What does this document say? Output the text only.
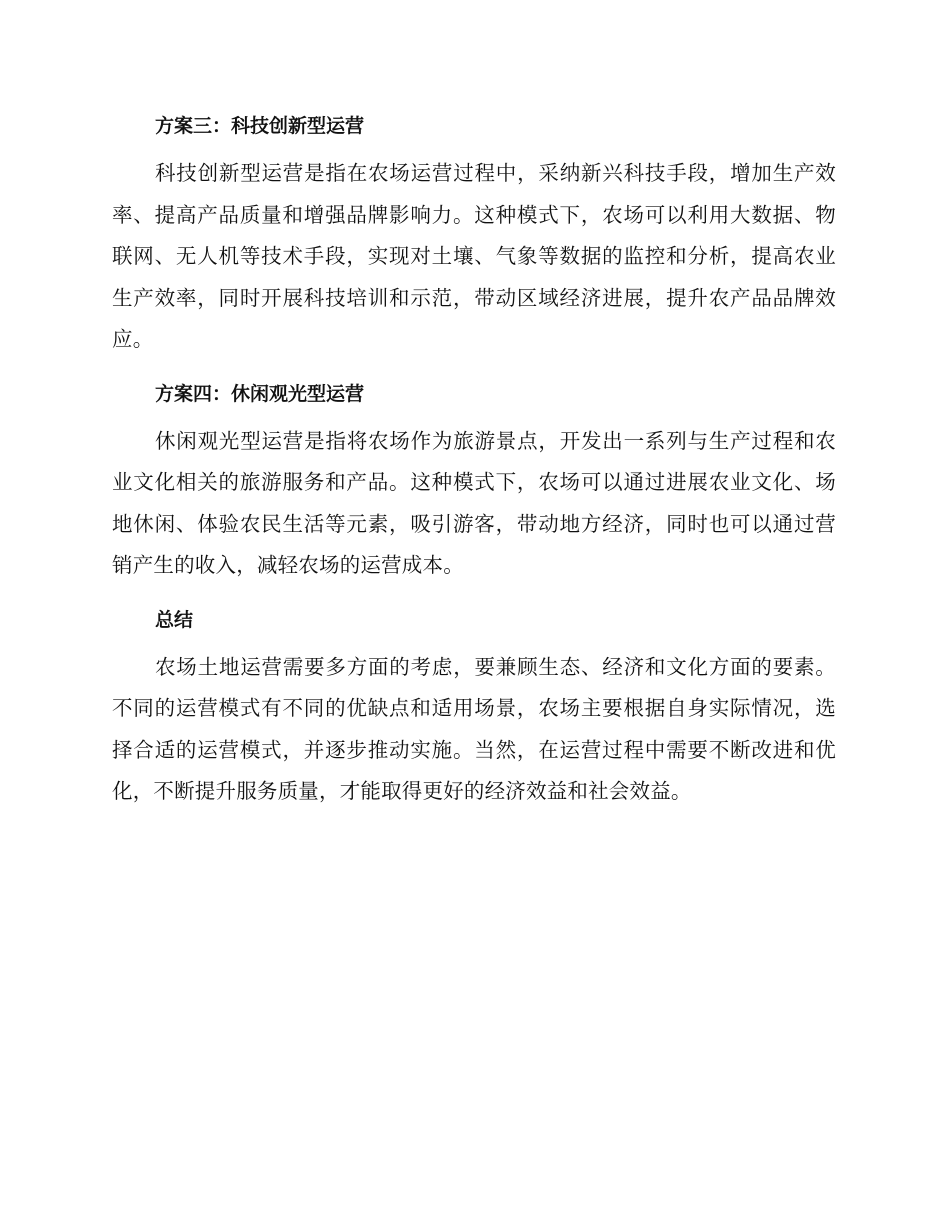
方案三：科技创新型运营

科技创新型运营是指在农场运营过程中，采纳新兴科技手段，增加生产效率、提高产品质量和增强品牌影响力。这种模式下，农场可以利用大数据、物联网、无人机等技术手段，实现对土壤、气象等数据的监控和分析，提高农业生产效率，同时开展科技培训和示范，带动区域经济进展，提升农产品品牌效应。

方案四：休闲观光型运营

休闲观光型运营是指将农场作为旅游景点，开发出一系列与生产过程和农业文化相关的旅游服务和产品。这种模式下，农场可以通过进展农业文化、场地休闲、体验农民生活等元素，吸引游客，带动地方经济，同时也可以通过营销产生的收入，减轻农场的运营成本。

总结

农场土地运营需要多方面的考虑，要兼顾生态、经济和文化方面的要素。不同的运营模式有不同的优缺点和适用场景，农场主要根据自身实际情况，选择合适的运营模式，并逐步推动实施。当然，在运营过程中需要不断改进和优化，不断提升服务质量，才能取得更好的经济效益和社会效益。
